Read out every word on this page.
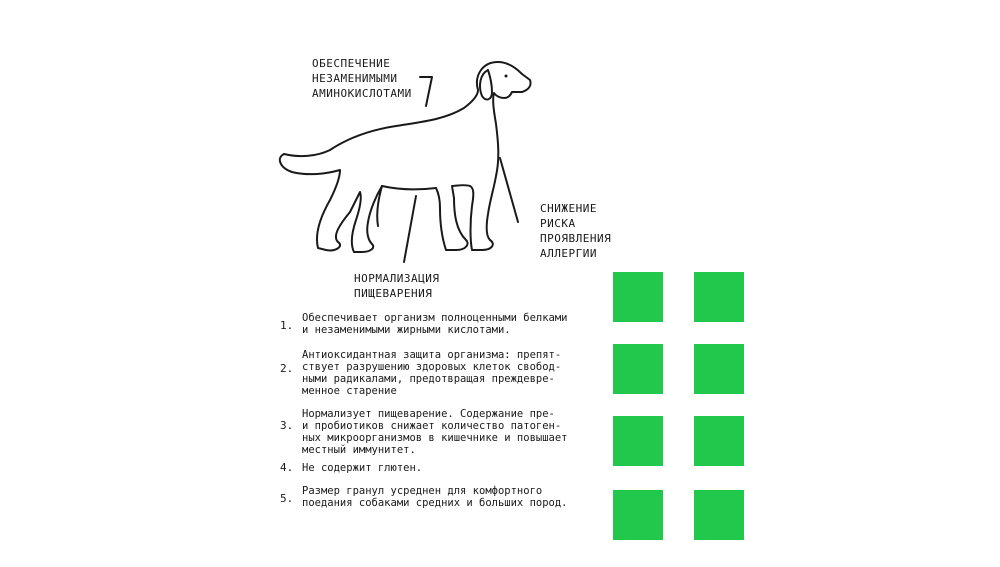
ОБЕСПЕЧЕНИЕ
НЕЗАМЕНИМЫМИ
АМИНОКИСЛОТАМИ
СНИЖЕНИЕ
РИСКА
ПРОЯВЛЕНИЯ
АЛЛЕРГИИ
НОРМАЛИЗАЦИЯ
ПИЩЕВАРЕНИЯ
1.
Обеспечивает организм полноценными белками
и незаменимыми жирными кислотами.
2.
Антиоксидантная защита организма: препят-
ствует разрушению здоровых клеток свобод-
ными радикалами, предотвращая преждевре-
менное старение
3.
Нормализует пищеварение. Содержание пре-
и пробиотиков снижает количество патоген-
ных микроорганизмов в кишечнике и повышает
местный иммунитет.
4. Не содержит глютен.
5.
Размер гранул усреднен для комфортного
поедания собаками средних и больших пород.
